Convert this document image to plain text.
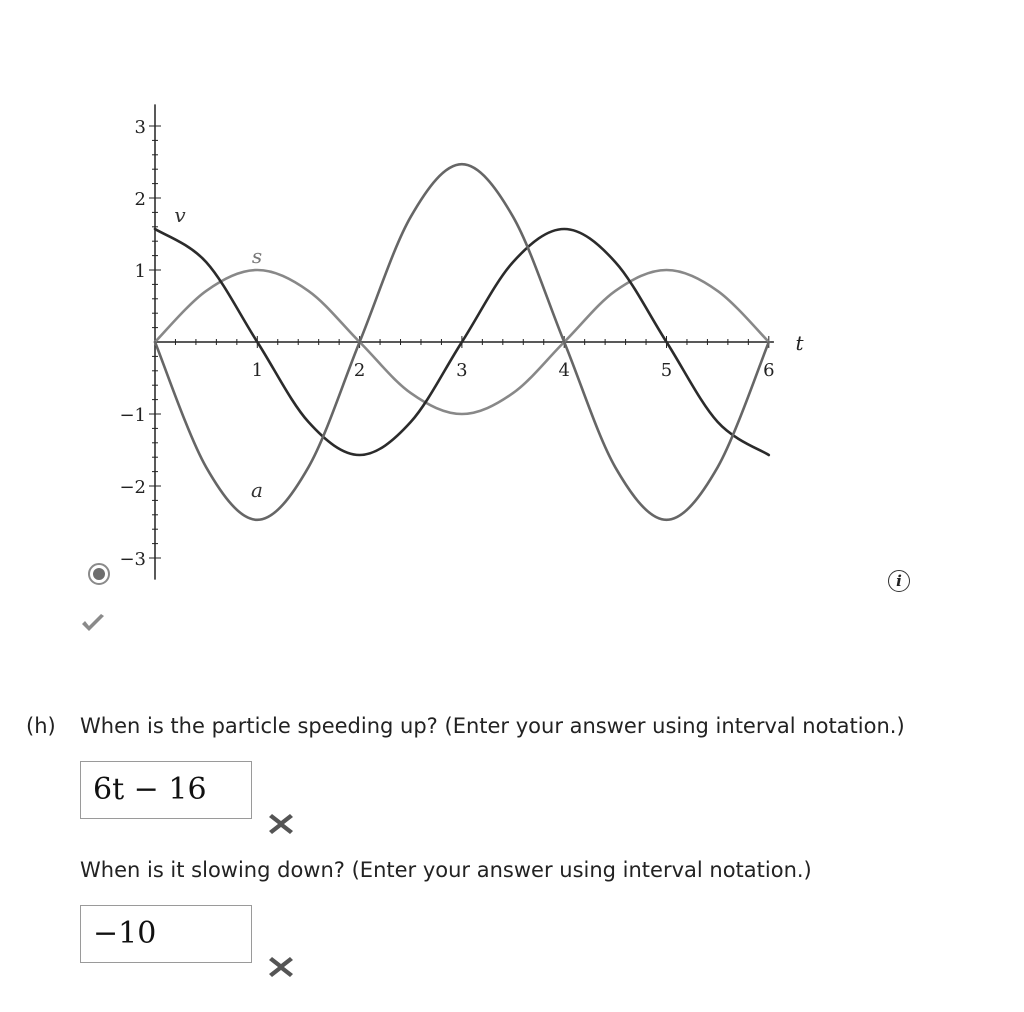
s
v
a
1	2	3	4	5	6
3
2
1
−1
−2
−3
t
i
(h) When is the particle speeding up? (Enter your answer using interval notation.)
6t − 16
When is it slowing down? (Enter your answer using interval notation.)
−10
